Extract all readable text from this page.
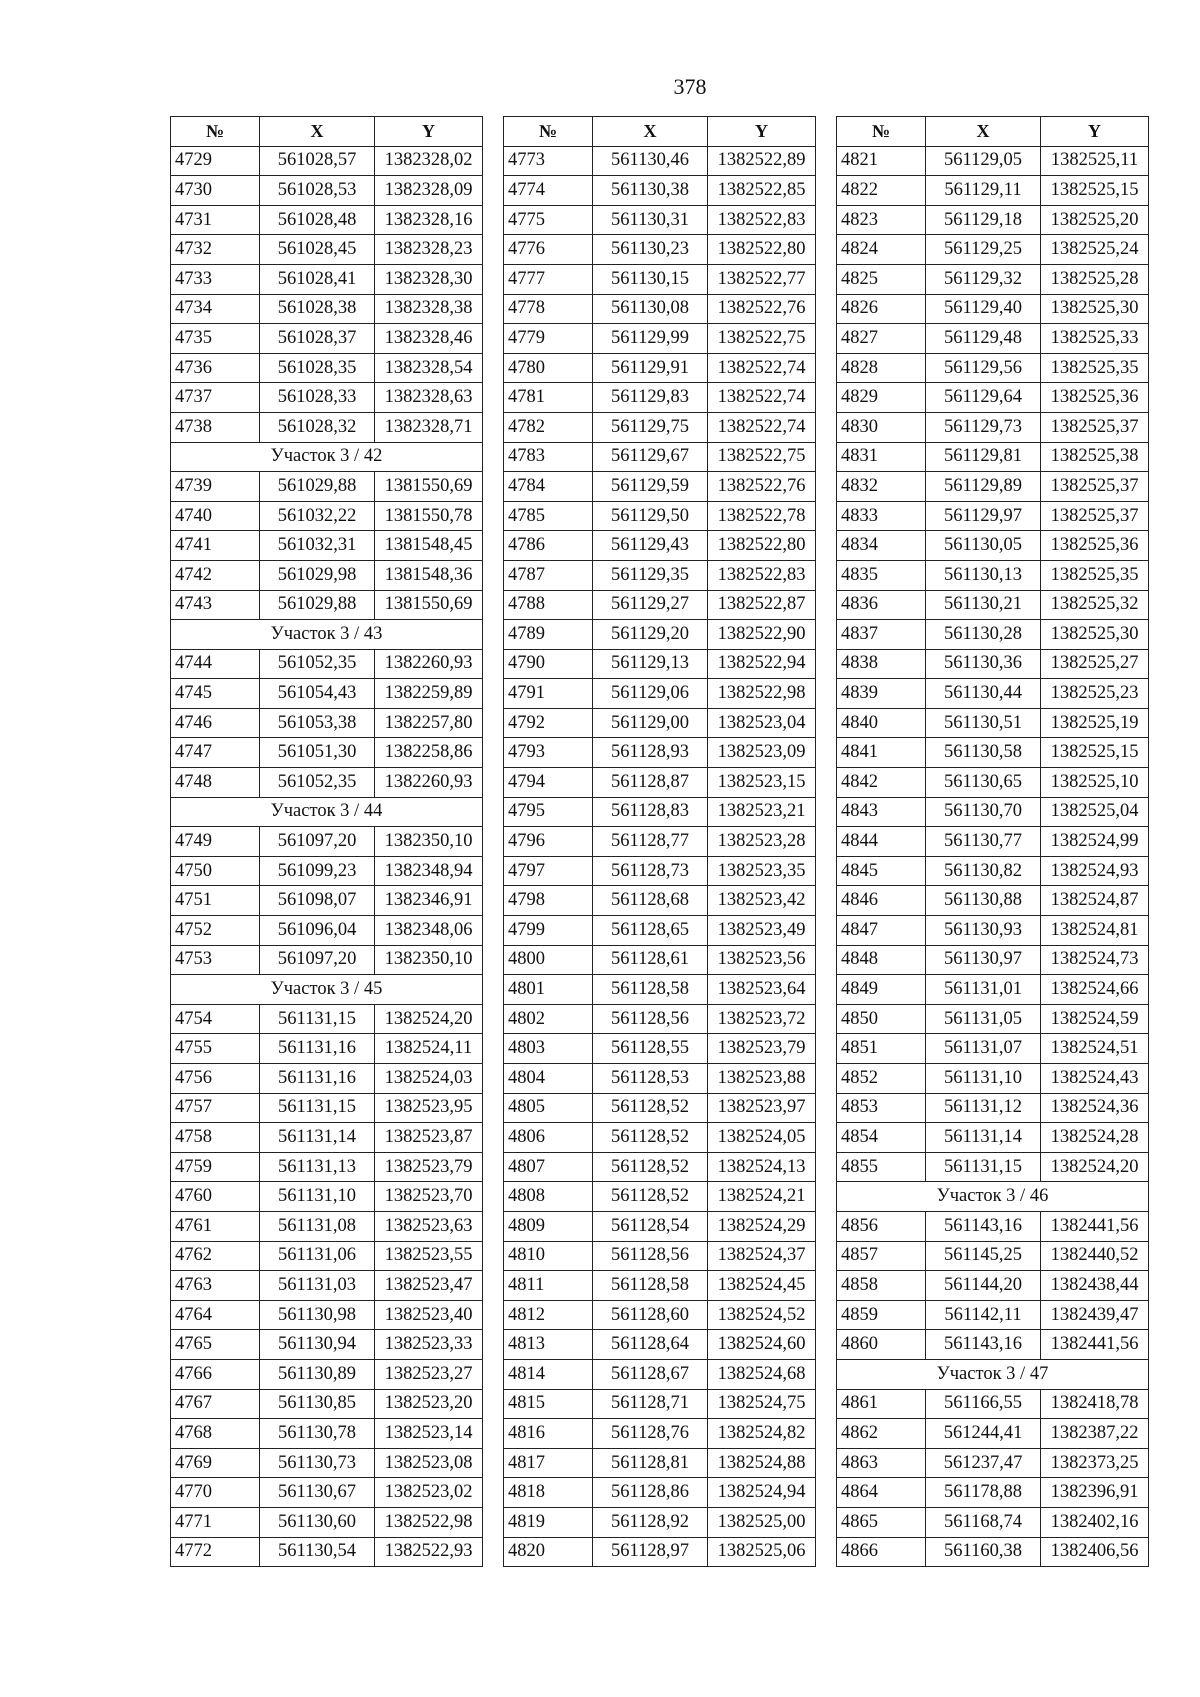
378
№	X	Y
4729	561028,57	1382328,02
4730	561028,53	1382328,09
4731	561028,48	1382328,16
4732	561028,45	1382328,23
4733	561028,41	1382328,30
4734	561028,38	1382328,38
4735	561028,37	1382328,46
4736	561028,35	1382328,54
4737	561028,33	1382328,63
4738	561028,32	1382328,71
Участок 3 / 42		
4739	561029,88	1381550,69
4740	561032,22	1381550,78
4741	561032,31	1381548,45
4742	561029,98	1381548,36
4743	561029,88	1381550,69
Участок 3 / 43		
4744	561052,35	1382260,93
4745	561054,43	1382259,89
4746	561053,38	1382257,80
4747	561051,30	1382258,86
4748	561052,35	1382260,93
Участок 3 / 44		
4749	561097,20	1382350,10
4750	561099,23	1382348,94
4751	561098,07	1382346,91
4752	561096,04	1382348,06
4753	561097,20	1382350,10
Участок 3 / 45		
4754	561131,15	1382524,20
4755	561131,16	1382524,11
4756	561131,16	1382524,03
4757	561131,15	1382523,95
4758	561131,14	1382523,87
4759	561131,13	1382523,79
4760	561131,10	1382523,70
4761	561131,08	1382523,63
4762	561131,06	1382523,55
4763	561131,03	1382523,47
4764	561130,98	1382523,40
4765	561130,94	1382523,33
4766	561130,89	1382523,27
4767	561130,85	1382523,20
4768	561130,78	1382523,14
4769	561130,73	1382523,08
4770	561130,67	1382523,02
4771	561130,60	1382522,98
4772	561130,54	1382522,93
№	X	Y
4773	561130,46	1382522,89
4774	561130,38	1382522,85
4775	561130,31	1382522,83
4776	561130,23	1382522,80
4777	561130,15	1382522,77
4778	561130,08	1382522,76
4779	561129,99	1382522,75
4780	561129,91	1382522,74
4781	561129,83	1382522,74
4782	561129,75	1382522,74
4783	561129,67	1382522,75
4784	561129,59	1382522,76
4785	561129,50	1382522,78
4786	561129,43	1382522,80
4787	561129,35	1382522,83
4788	561129,27	1382522,87
4789	561129,20	1382522,90
4790	561129,13	1382522,94
4791	561129,06	1382522,98
4792	561129,00	1382523,04
4793	561128,93	1382523,09
4794	561128,87	1382523,15
4795	561128,83	1382523,21
4796	561128,77	1382523,28
4797	561128,73	1382523,35
4798	561128,68	1382523,42
4799	561128,65	1382523,49
4800	561128,61	1382523,56
4801	561128,58	1382523,64
4802	561128,56	1382523,72
4803	561128,55	1382523,79
4804	561128,53	1382523,88
4805	561128,52	1382523,97
4806	561128,52	1382524,05
4807	561128,52	1382524,13
4808	561128,52	1382524,21
4809	561128,54	1382524,29
4810	561128,56	1382524,37
4811	561128,58	1382524,45
4812	561128,60	1382524,52
4813	561128,64	1382524,60
4814	561128,67	1382524,68
4815	561128,71	1382524,75
4816	561128,76	1382524,82
4817	561128,81	1382524,88
4818	561128,86	1382524,94
4819	561128,92	1382525,00
4820	561128,97	1382525,06
№	X	Y
4821	561129,05	1382525,11
4822	561129,11	1382525,15
4823	561129,18	1382525,20
4824	561129,25	1382525,24
4825	561129,32	1382525,28
4826	561129,40	1382525,30
4827	561129,48	1382525,33
4828	561129,56	1382525,35
4829	561129,64	1382525,36
4830	561129,73	1382525,37
4831	561129,81	1382525,38
4832	561129,89	1382525,37
4833	561129,97	1382525,37
4834	561130,05	1382525,36
4835	561130,13	1382525,35
4836	561130,21	1382525,32
4837	561130,28	1382525,30
4838	561130,36	1382525,27
4839	561130,44	1382525,23
4840	561130,51	1382525,19
4841	561130,58	1382525,15
4842	561130,65	1382525,10
4843	561130,70	1382525,04
4844	561130,77	1382524,99
4845	561130,82	1382524,93
4846	561130,88	1382524,87
4847	561130,93	1382524,81
4848	561130,97	1382524,73
4849	561131,01	1382524,66
4850	561131,05	1382524,59
4851	561131,07	1382524,51
4852	561131,10	1382524,43
4853	561131,12	1382524,36
4854	561131,14	1382524,28
4855	561131,15	1382524,20
Участок 3 / 46		
4856	561143,16	1382441,56
4857	561145,25	1382440,52
4858	561144,20	1382438,44
4859	561142,11	1382439,47
4860	561143,16	1382441,56
Участок 3 / 47		
4861	561166,55	1382418,78
4862	561244,41	1382387,22
4863	561237,47	1382373,25
4864	561178,88	1382396,91
4865	561168,74	1382402,16
4866	561160,38	1382406,56
